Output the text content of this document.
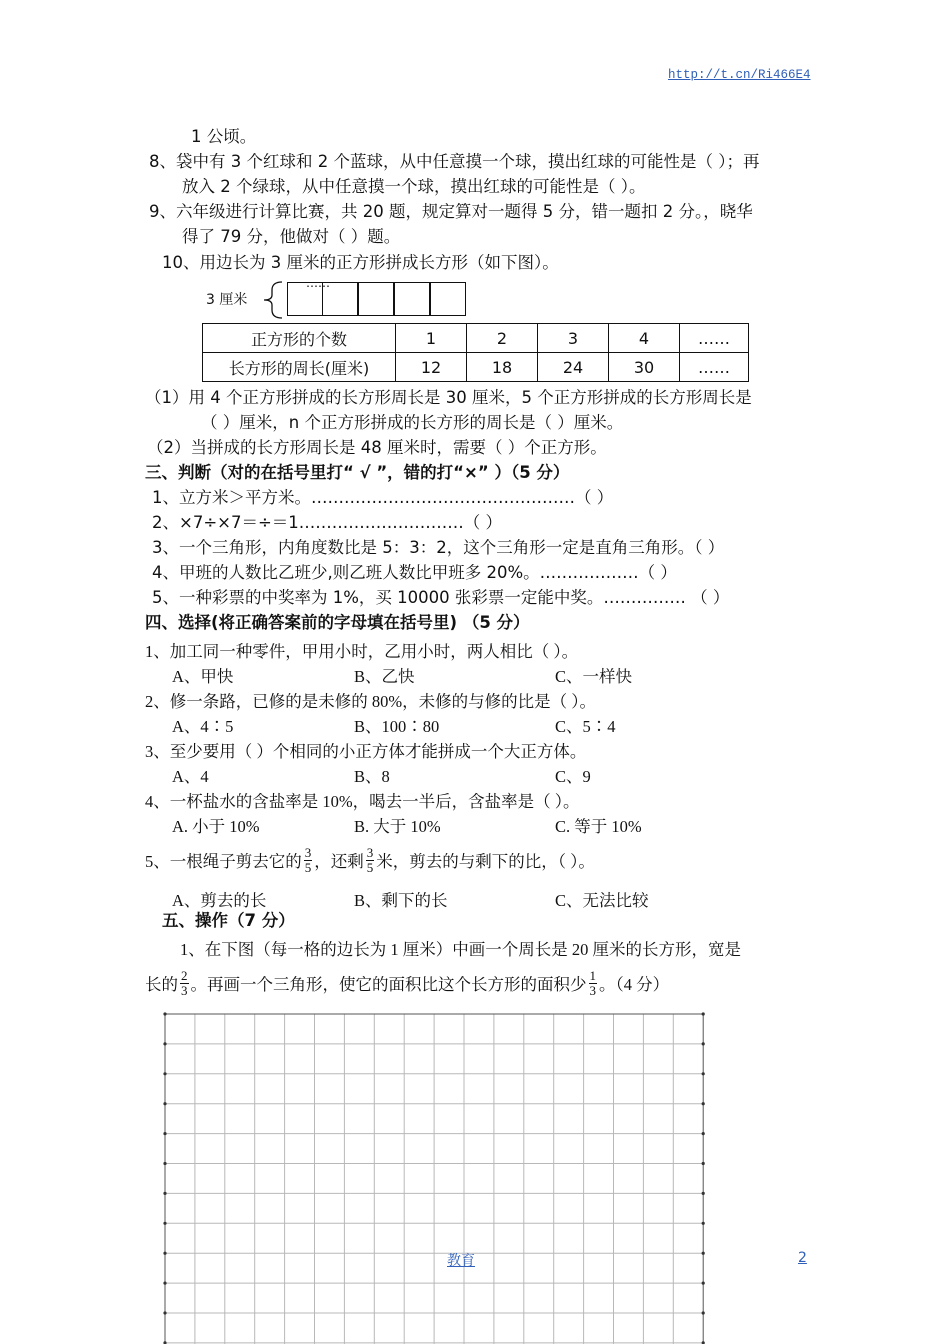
http://t.cn/Ri466E4
1 公顷。
8、袋中有 3 个红球和 2 个蓝球，从中任意摸一个球，摸出红球的可能性是（ ）；再
放入 2 个绿球，从中任意摸一个球，摸出红球的可能性是（ ）。
9、六年级进行计算比赛，共 20 题，规定算对一题得 5 分，错一题扣 2 分。，晓华
得了 79 分，他做对（ ）题。
10、用边长为 3 厘米的正方形拼成长方形（如下图）。
3 厘米
……
正方形的个数	1	2	3	4	……
长方形的周长(厘米)	12	18	24	30	……
（1）用 4 个正方形拼成的长方形周长是 30 厘米，5 个正方形拼成的长方形周长是
（ ）厘米，n 个正方形拼成的长方形的周长是（ ）厘米。
（2）当拼成的长方形周长是 48 厘米时，需要（ ）个正方形。
三、判断（对的在括号里打“ √ ”，错的打“×” ）（5 分）
1、立方米＞平方米。…………………………………………（ ）
2、×7÷×7＝÷＝1…………………………（ ）
3、一个三角形，内角度数比是 5：3：2，这个三角形一定是直角三角形。（ ）
4、甲班的人数比乙班少,则乙班人数比甲班多 20%。………………（ ）
5、一种彩票的中奖率为 1%，买 10000 张彩票一定能中奖。…………… （ ）
四、选择(将正确答案前的字母填在括号里) （5 分）
1、加工同一种零件，甲用小时，乙用小时，两人相比（ ）。
A、甲快	B、乙快	C、一样快
2、修一条路，已修的是未修的 80%，未修的与修的比是（ ）。
A、4∶5	B、100∶80	C、5∶4
3、至少要用（ ）个相同的小正方体才能拼成一个大正方体。
A、4	B、8	C、9
4、一杯盐水的含盐率是 10%，喝去一半后，含盐率是（ ）。
A. 小于 10%	B. 大于 10%	C. 等于 10%
5、一根绳子剪去它的 $\frac{3}{5}$ ，还剩 $\frac{3}{5}$ 米，剪去的与剩下的比，（ ）。
A、剪去的长	B、剩下的长	C、无法比较
五、操作（7 分）
1、在下图（每一格的边长为 1 厘米）中画一个周长是 20 厘米的长方形，宽是
长的 $\frac{2}{3}$ 。再画一个三角形，使它的面积比这个长方形的面积少 $\frac{1}{3}$ 。（4 分）
教育	2
